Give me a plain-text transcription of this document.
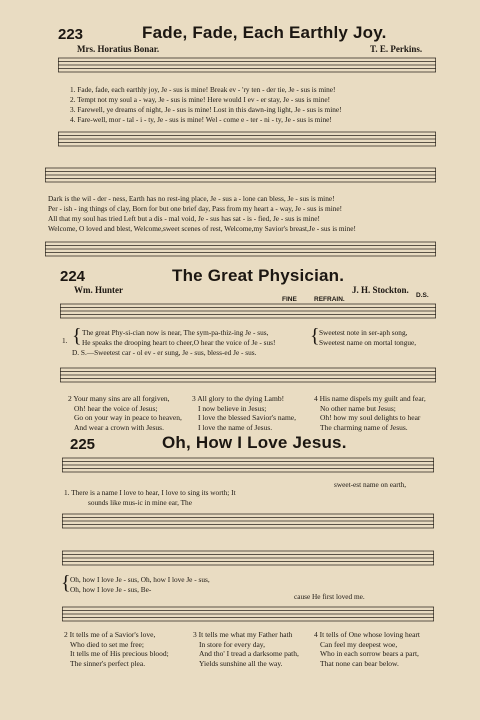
223	Fade, Fade, Each Earthly Joy.
Mrs. Horatius Bonar.	T. E. Perkins.
1. Fade, fade, each earthly joy, Je - sus is mine! Break ev - 'ry ten - der tie, Je - sus is mine!
2. Tempt not my soul a - way, Je - sus is mine! Here would I ev - er stay, Je - sus is mine!
3. Farewell, ye dreams of night, Je - sus is mine! Lost in this dawn-ing light, Je - sus is mine!
4. Fare-well, mor - tal - i - ty, Je - sus is mine! Wel - come e - ter - ni - ty, Je - sus is mine!
Dark is the wil - der - ness, Earth has no rest-ing place, Je - sus a - lone can bless, Je - sus is mine!
Per - ish - ing things of clay, Born for but one brief day, Pass from my heart a - way, Je - sus is mine!
All that my soul has tried Left but a dis - mal void, Je - sus has sat - is - fied, Je - sus is mine!
Welcome, O loved and blest, Welcome,sweet scenes of rest, Welcome,my Savior's breast,Je - sus is mine!
224	The Great Physician.
Wm. Hunter	J. H. Stockton.
FINE	REFRAIN.
D.S.
1. { The great Phy-si-cian now is near, The sym-pa-thiz-ing Je - sus,
He speaks the drooping heart to cheer,O hear the voice of Je - sus!
D. S.—Sweetest car - ol ev - er sung, Je - sus, bless-ed Je - sus.
{ Sweetest note in ser-aph song,
Sweetest name on mortal tongue,
2 Your many sins are all forgiven,
Oh! hear the voice of Jesus;
Go on your way in peace to heaven,
And wear a crown with Jesus.
3 All glory to the dying Lamb!
I now believe in Jesus;
I love the blessed Savior's name,
I love the name of Jesus.
4 His name dispels my guilt and fear,
No other name but Jesus;
Oh! how my soul delights to hear
The charming name of Jesus.
225	Oh, How I Love Jesus.
1. There is a name I love to hear, I love to sing its worth; It
sounds like mus-ic in mine ear, The
sweet-est name on earth,
{ Oh, how I love Je - sus, Oh, how I love Je - sus,
Oh, how I love Je - sus, Be-
cause He first loved me.
2 It tells me of a Savior's love,
Who died to set me free;
It tells me of His precious blood;
The sinner's perfect plea.
3 It tells me what my Father hath
In store for every day,
And tho' I tread a darksome path,
Yields sunshine all the way.
4 It tells of One whose loving heart
Can feel my deepest woe,
Who in each sorrow bears a part,
That none can bear below.
